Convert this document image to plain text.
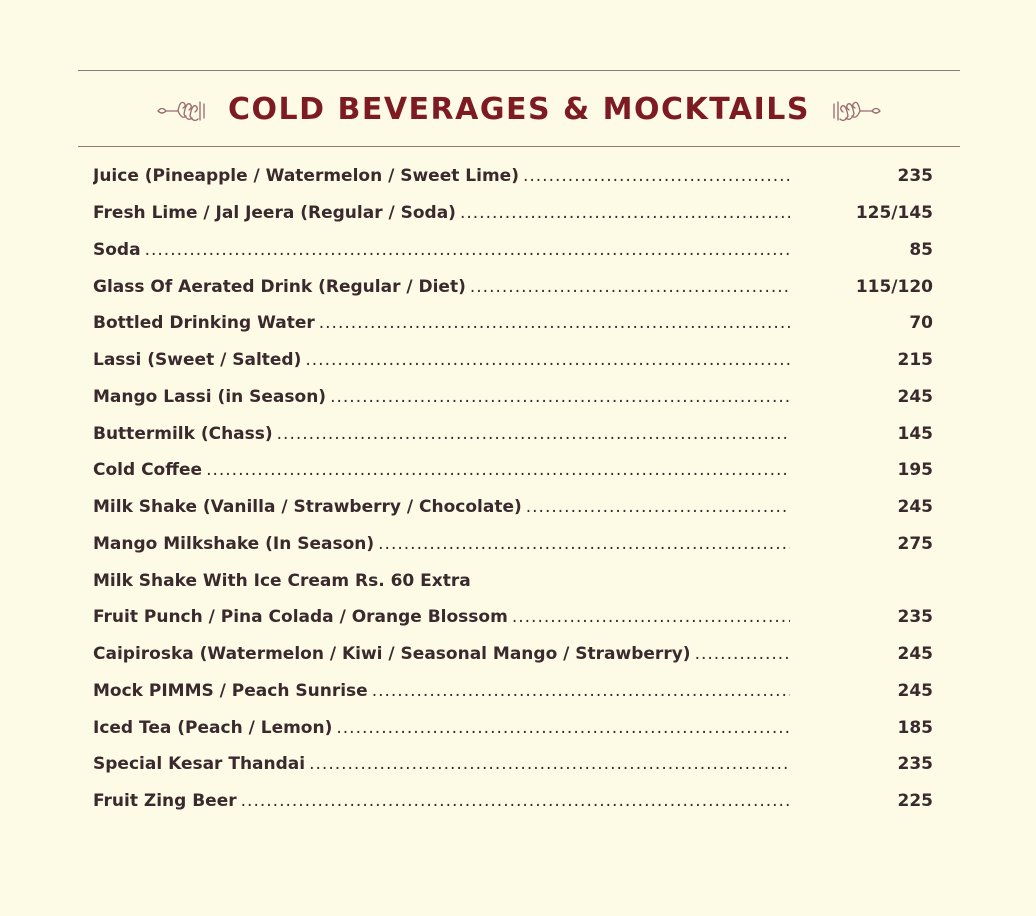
COLD BEVERAGES & MOCKTAILS
Juice (Pineapple / Watermelon / Sweet Lime) .....	235
Fresh Lime / Jal Jeera (Regular / Soda) .....	125/145
Soda .....	85
Glass Of Aerated Drink (Regular / Diet) .....	115/120
Bottled Drinking Water .....	70
Lassi (Sweet / Salted) .....	215
Mango Lassi (in Season) .....	245
Buttermilk (Chass) .....	145
Cold Coffee .....	195
Milk Shake (Vanilla / Strawberry / Chocolate) .....	245
Mango Milkshake (In Season) .....	275
Milk Shake With Ice Cream Rs. 60 Extra
Fruit Punch / Pina Colada / Orange Blossom .....	235
Caipiroska (Watermelon / Kiwi / Seasonal Mango / Strawberry) .....	245
Mock PIMMS / Peach Sunrise .....	245
Iced Tea (Peach / Lemon) .....	185
Special Kesar Thandai .....	235
Fruit Zing Beer .....	225
